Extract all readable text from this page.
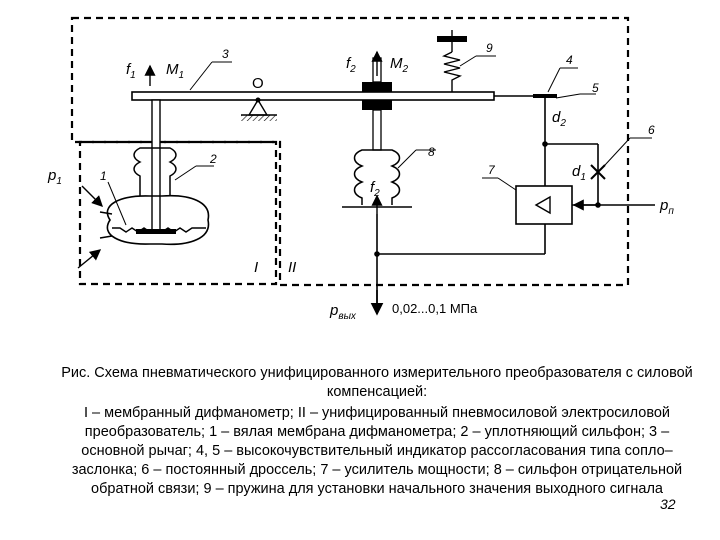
$f_1$ $M_1$
3
O
$f_2$ $M_2$
9
4
5
$d_2$	6
$p_1$	1
2	8
$f_2$
7	$d_1$
$p_п$
I II
$p_{вых}$
0,02...0,1 МПа
Рис. Схема пневматического унифицированного измерительного преобразователя с силовой компенсацией:
I – мембранный дифманометр; II – унифицированный пневмосиловой электросиловой преобразователь; 1 – вялая мембрана дифманометра; 2 – уплотняющий сильфон; 3 – основной рычаг; 4, 5 – высокочувствительный индикатор рассогласования типа сопло–заслонка; 6 – постоянный дроссель; 7 – усилитель мощности; 8 – сильфон отрицательной обратной связи; 9 – пружина для установки начального значения выходного сигнала
32
